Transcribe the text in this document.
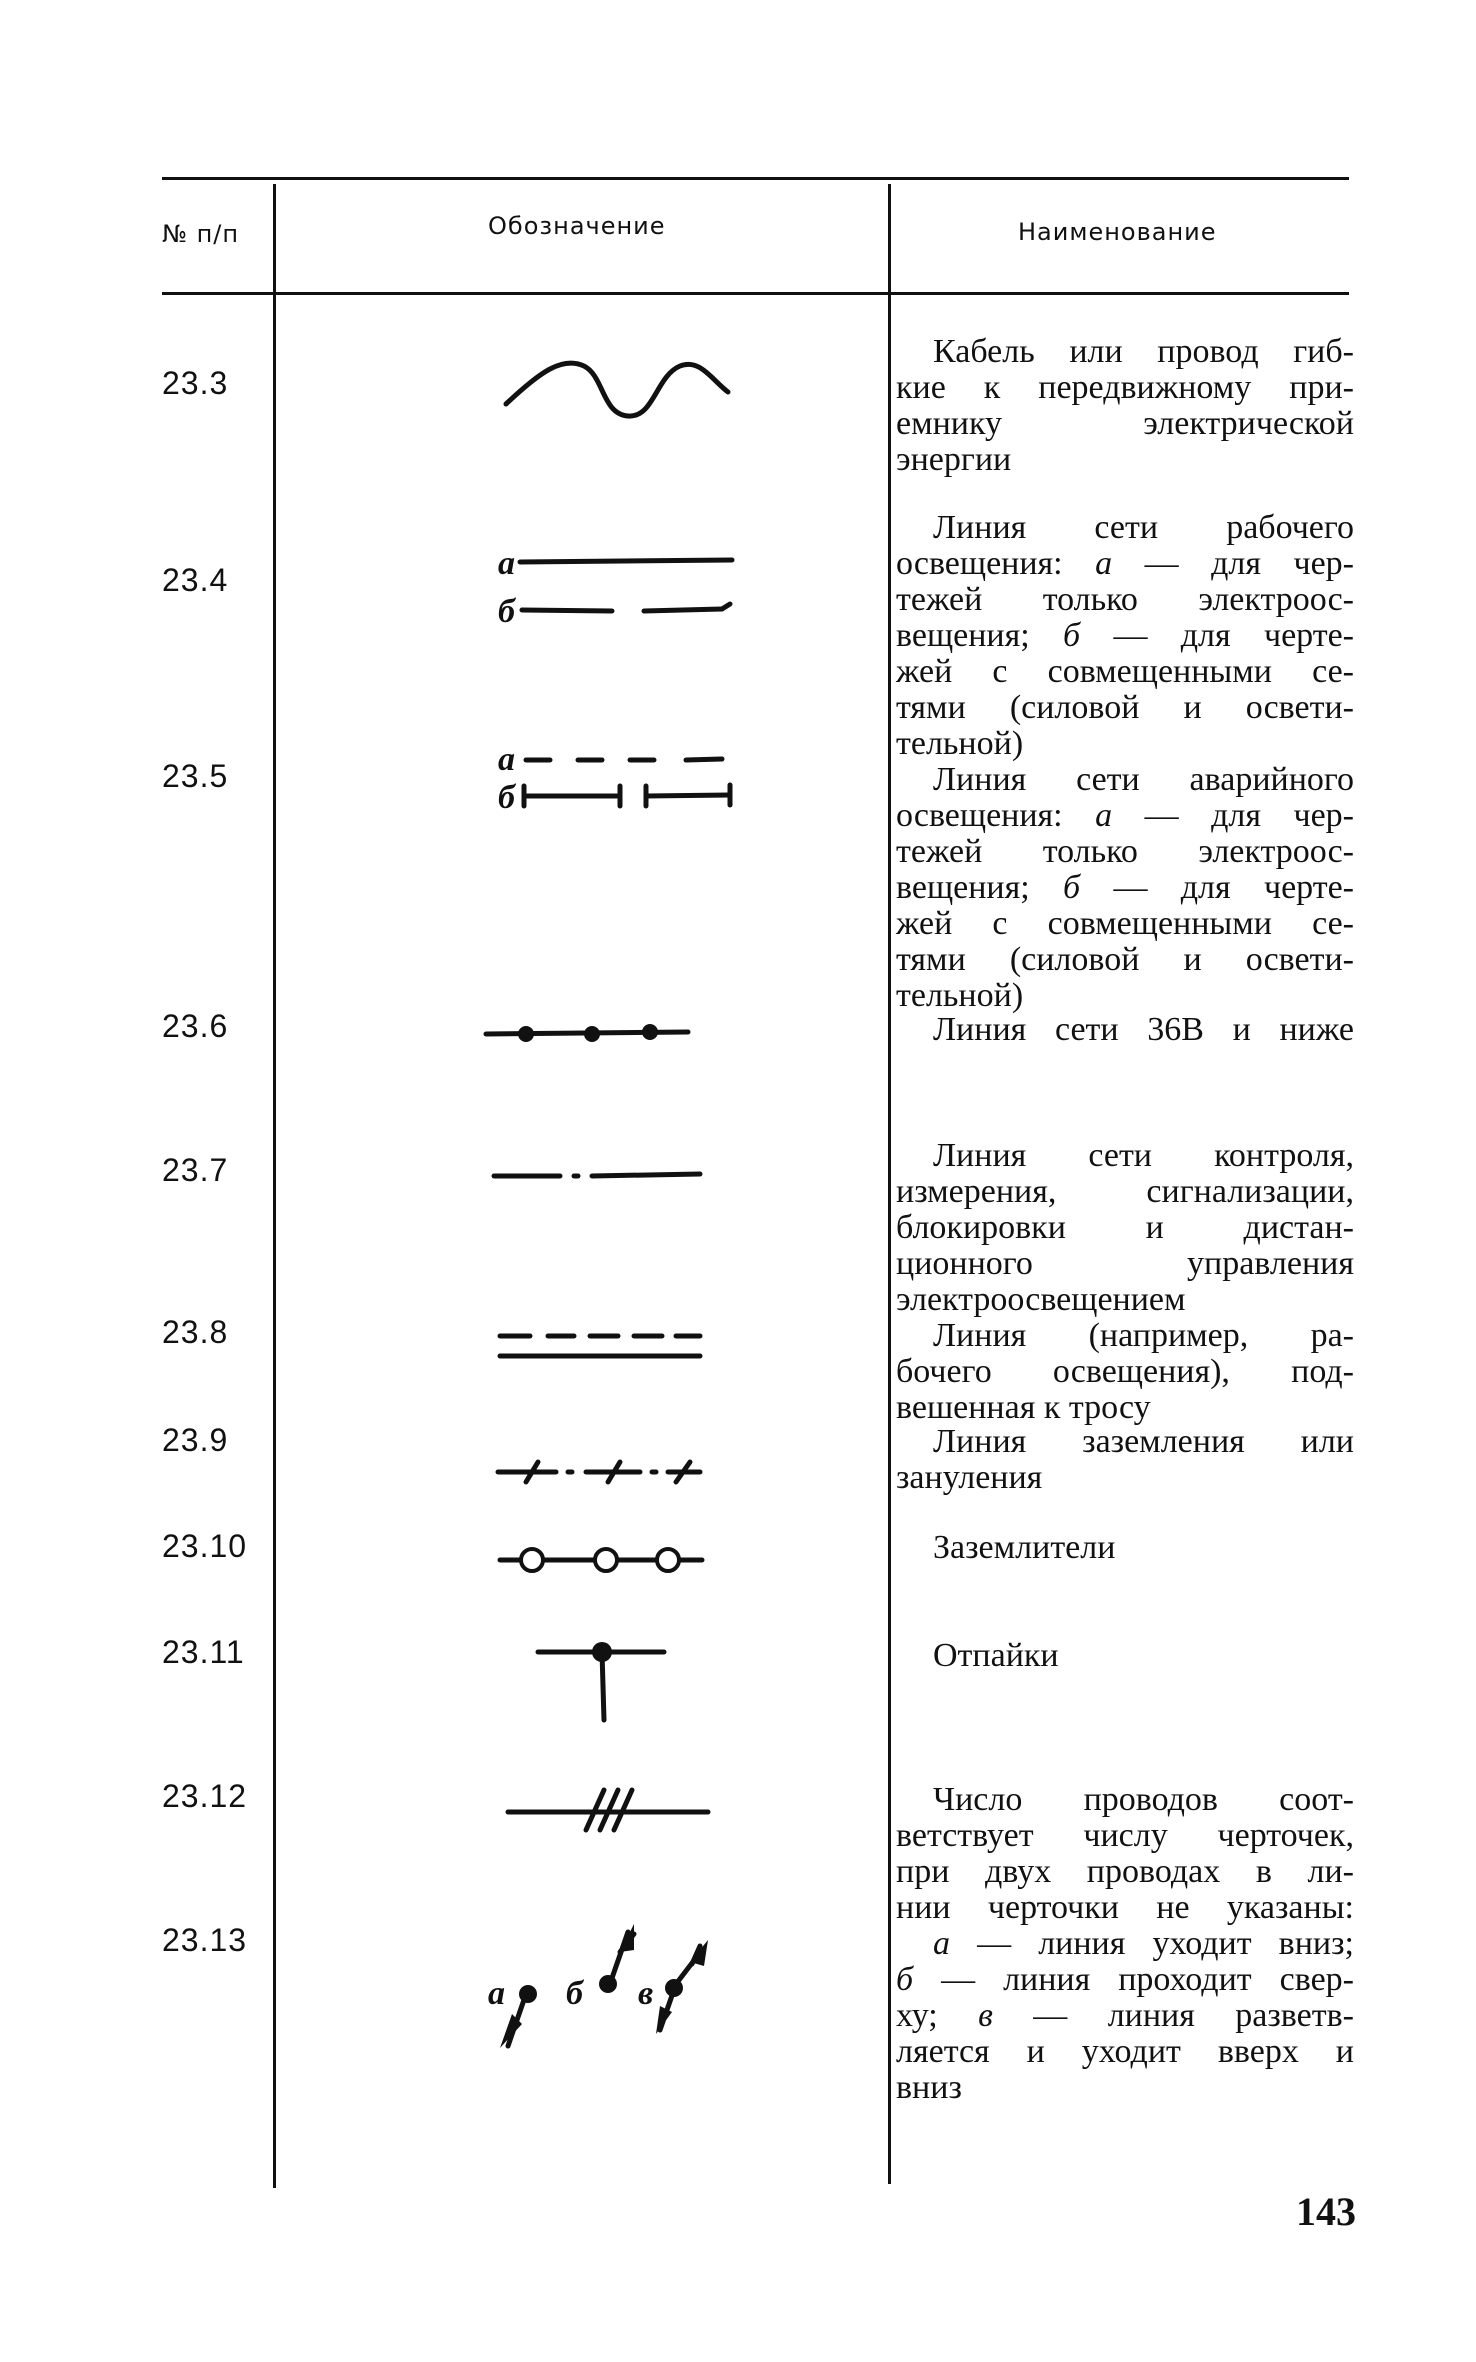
№ п/п	Обозначение	Наименование
23.3
23.4
23.5
23.6
23.7
23.8
23.9
23.10
23.11
23.12
23.13
Кабель или провод гиб-
кие к передвижному при-
емнику электрической
энергии
Линия сети рабочего
освещения: а — для чер-
тежей только электроос-
вещения; б — для черте-
жей с совмещенными се-
тями (силовой и освети-
тельной)
Линия сети аварийного
освещения: а — для чер-
тежей только электроос-
вещения; б — для черте-
жей с совмещенными се-
тями (силовой и освети-
тельной)
Линия сети 36В и ниже
Линия сети контроля,
измерения, сигнализации,
блокировки и дистан-
ционного управления
электроосвещением
Линия (например, ра-
бочего освещения), под-
вешенная к тросу
Линия заземления или
зануления
Заземлители
Отпайки
Число проводов соот-
ветствует числу черточек,
при двух проводах в ли-
нии черточки не указаны:
а — линия уходит вниз;
б — линия проходит свер-
ху; в — линия разветв-
ляется и уходит вверх и
вниз
а
б
а
б
а б в
143
